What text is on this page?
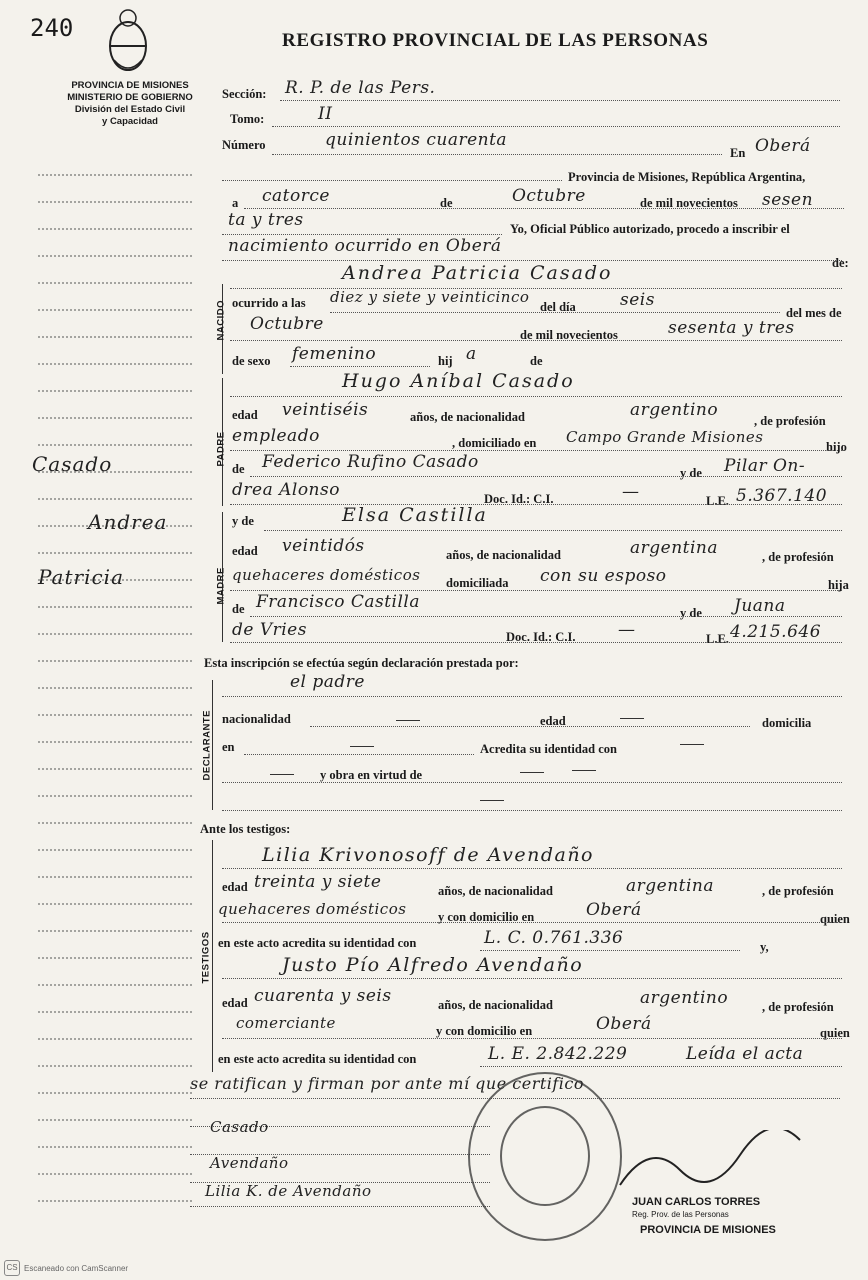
240	REGISTRO PROVINCIAL DE LAS PERSONAS
PROVINCIA DE MISIONES
MINISTERIO DE GOBIERNO
División del Estado Civil
y Capacidad
Casado
Andrea
Patricia
Sección: R. P. de las Pers.
Tomo:	II
Número	quinientos cuarenta
En Oberá
Provincia de Misiones, República Argentina,
a catorce	de	Octubre	de mil novecientos sesen
ta y tres	Yo, Oficial Público autorizado, procedo a inscribir el
nacimiento ocurrido en Oberá
de:
NACIDO
Andrea Patricia Casado
ocurrido a las diez y siete y veinticinco
del día	seis
del mes de
Octubre
de mil novecientos	sesenta y tres
de sexo femenino	hij a	de
PADRE
Hugo Aníbal Casado
edad veintiséis	años, de nacionalidad	argentino
, de profesión
empleado	, domiciliado en Campo Grande Misiones
hijo
de Federico Rufino Casado
y de Pilar On-
drea Alonso	Doc. Id.: C.I.	—	L.E. 5.367.140
MADRE
y de	Elsa Castilla
edad veintidós	años, de nacionalidad	argentina	, de profesión
quehaceres domésticos domiciliada con su esposo	hija
de Francisco Castilla
y de Juana
de Vries	Doc. Id.: C.I.	—	L.E. 4.215.646
Esta inscripción se efectúa según declaración prestada por:
DECLARANTE
el padre
nacionalidad	edad	domicilia
en	Acredita su identidad con
y obra en virtud de
Ante los testigos:
TESTIGOS
Lilia Krivonosoff de Avendaño
edad treinta y siete	años, de nacionalidad	argentina	, de profesión
quehaceres domésticos	y con domicilio en	Oberá	quien
en este acto acredita su identidad con	L. C. 0.761.336	y,
Justo Pío Alfredo Avendaño
edad cuarenta y seis	años, de nacionalidad	argentino	, de profesión
comerciante	y con domicilio en	Oberá	quien
en este acto acredita su identidad con	L. E. 2.842.229	Leída el acta
se ratifican y firman por ante mí que certifico
Casado
Avendaño
Lilia K. de Avendaño
JUAN CARLOS TORRES
Reg. Prov. de las Personas
PROVINCIA DE MISIONES
CS Escaneado con CamScanner
